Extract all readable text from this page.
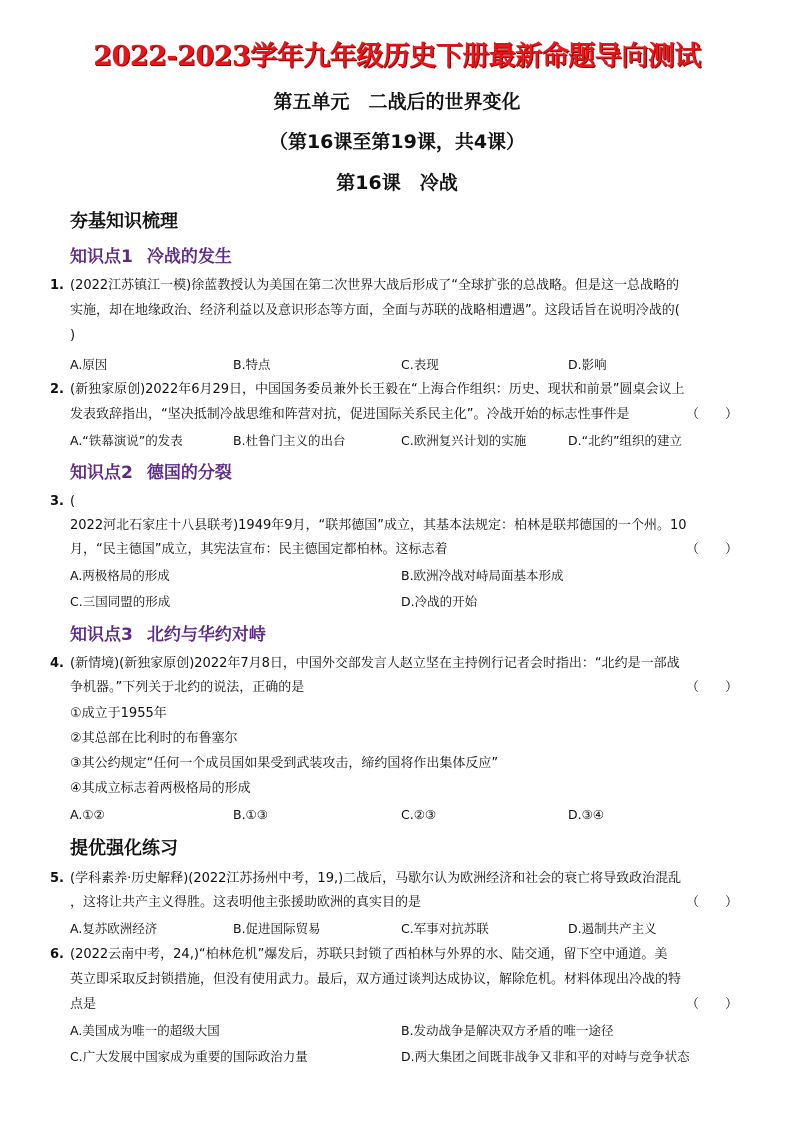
2022-2023学年九年级历史下册最新命题导向测试
第五单元　二战后的世界变化
（第16课至第19课，共4课）
第16课　冷战
夯基知识梳理
知识点1 冷战的发生
1. (2022江苏镇江一模)徐蓝教授认为美国在第二次世界大战后形成了“全球扩张的总战略。但是这一总战略的
实施，却在地缘政治、经济利益以及意识形态等方面，全面与苏联的战略相遭遇”。这段话旨在说明冷战的(
)
A.原因	B.特点	C.表现	D.影响
2. (新独家原创)2022年6月29日，中国国务委员兼外长王毅在“上海合作组织：历史、现状和前景”圆桌会议上
发表致辞指出，“坚决抵制冷战思维和阵营对抗，促进国际关系民主化”。冷战开始的标志性事件是	（　　）
A.“铁幕演说”的发表	B.杜鲁门主义的出台	C.欧洲复兴计划的实施	D.“北约”组织的建立
知识点2 德国的分裂
3. (
2022河北石家庄十八县联考)1949年9月，“联邦德国”成立，其基本法规定：柏林是联邦德国的一个州。10
月，“民主德国”成立，其宪法宣布：民主德国定都柏林。这标志着	（　　）
A.两极格局的形成	B.欧洲冷战对峙局面基本形成
C.三国同盟的形成	D.冷战的开始
知识点3 北约与华约对峙
4. (新情境)(新独家原创)2022年7月8日，中国外交部发言人赵立坚在主持例行记者会时指出：“北约是一部战
争机器。”下列关于北约的说法，正确的是	（　　）
①成立于1955年
②其总部在比利时的布鲁塞尔
③其公约规定“任何一个成员国如果受到武装攻击，缔约国将作出集体反应”
④其成立标志着两极格局的形成
A.①②	B.①③	C.②③	D.③④
提优强化练习
5. (学科素养·历史解释)(2022江苏扬州中考，19,)二战后，马歇尔认为欧洲经济和社会的衰亡将导致政治混乱
，这将让共产主义得胜。这表明他主张援助欧洲的真实目的是	（　　）
A.复苏欧洲经济	B.促进国际贸易	C.军事对抗苏联	D.遏制共产主义
6. (2022云南中考，24,)“柏林危机”爆发后，苏联只封锁了西柏林与外界的水、陆交通，留下空中通道。美
英立即采取反封锁措施，但没有使用武力。最后，双方通过谈判达成协议，解除危机。材料体现出冷战的特
点是	（　　）
A.美国成为唯一的超级大国	B.发动战争是解决双方矛盾的唯一途径
C.广大发展中国家成为重要的国际政治力量	D.两大集团之间既非战争又非和平的对峙与竞争状态
